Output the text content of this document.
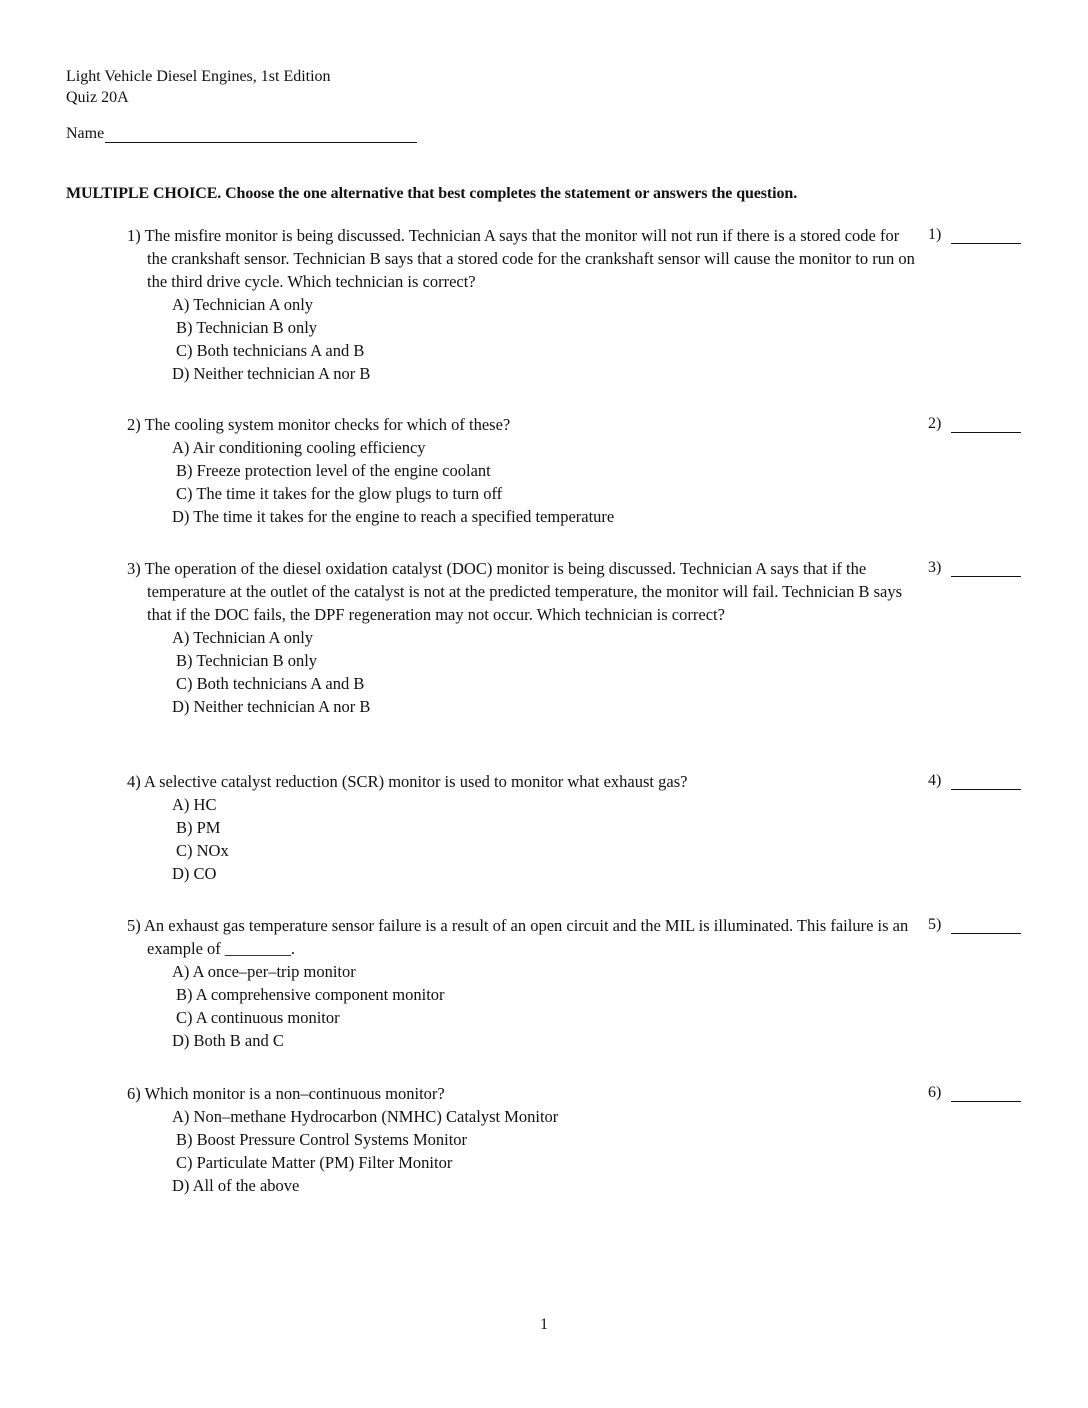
Light Vehicle Diesel Engines, 1st Edition
Quiz 20A
Name
MULTIPLE CHOICE. Choose the one alternative that best completes the statement or answers the question.
1) The misfire monitor is being discussed. Technician A says that the monitor will not run if there is a stored code for the crankshaft sensor. Technician B says that a stored code for the crankshaft sensor will cause the monitor to run on the third drive cycle. Which technician is correct?
A) Technician A only
B) Technician B only
C) Both technicians A and B
D) Neither technician A nor B
1)
2) The cooling system monitor checks for which of these?
A) Air conditioning cooling efficiency
B) Freeze protection level of the engine coolant
C) The time it takes for the glow plugs to turn off
D) The time it takes for the engine to reach a specified temperature
2)
3) The operation of the diesel oxidation catalyst (DOC) monitor is being discussed. Technician A says that if the temperature at the outlet of the catalyst is not at the predicted temperature, the monitor will fail. Technician B says that if the DOC fails, the DPF regeneration may not occur. Which technician is correct?
A) Technician A only
B) Technician B only
C) Both technicians A and B
D) Neither technician A nor B
3)
4) A selective catalyst reduction (SCR) monitor is used to monitor what exhaust gas?
A) HC
B) PM
C) NOx
D) CO
4)
5) An exhaust gas temperature sensor failure is a result of an open circuit and the MIL is illuminated. This failure is an example of ________.
A) A once–per–trip monitor
B) A comprehensive component monitor
C) A continuous monitor
D) Both B and C
5)
6) Which monitor is a non–continuous monitor?
A) Non–methane Hydrocarbon (NMHC) Catalyst Monitor
B) Boost Pressure Control Systems Monitor
C) Particulate Matter (PM) Filter Monitor
D) All of the above
6)
1
